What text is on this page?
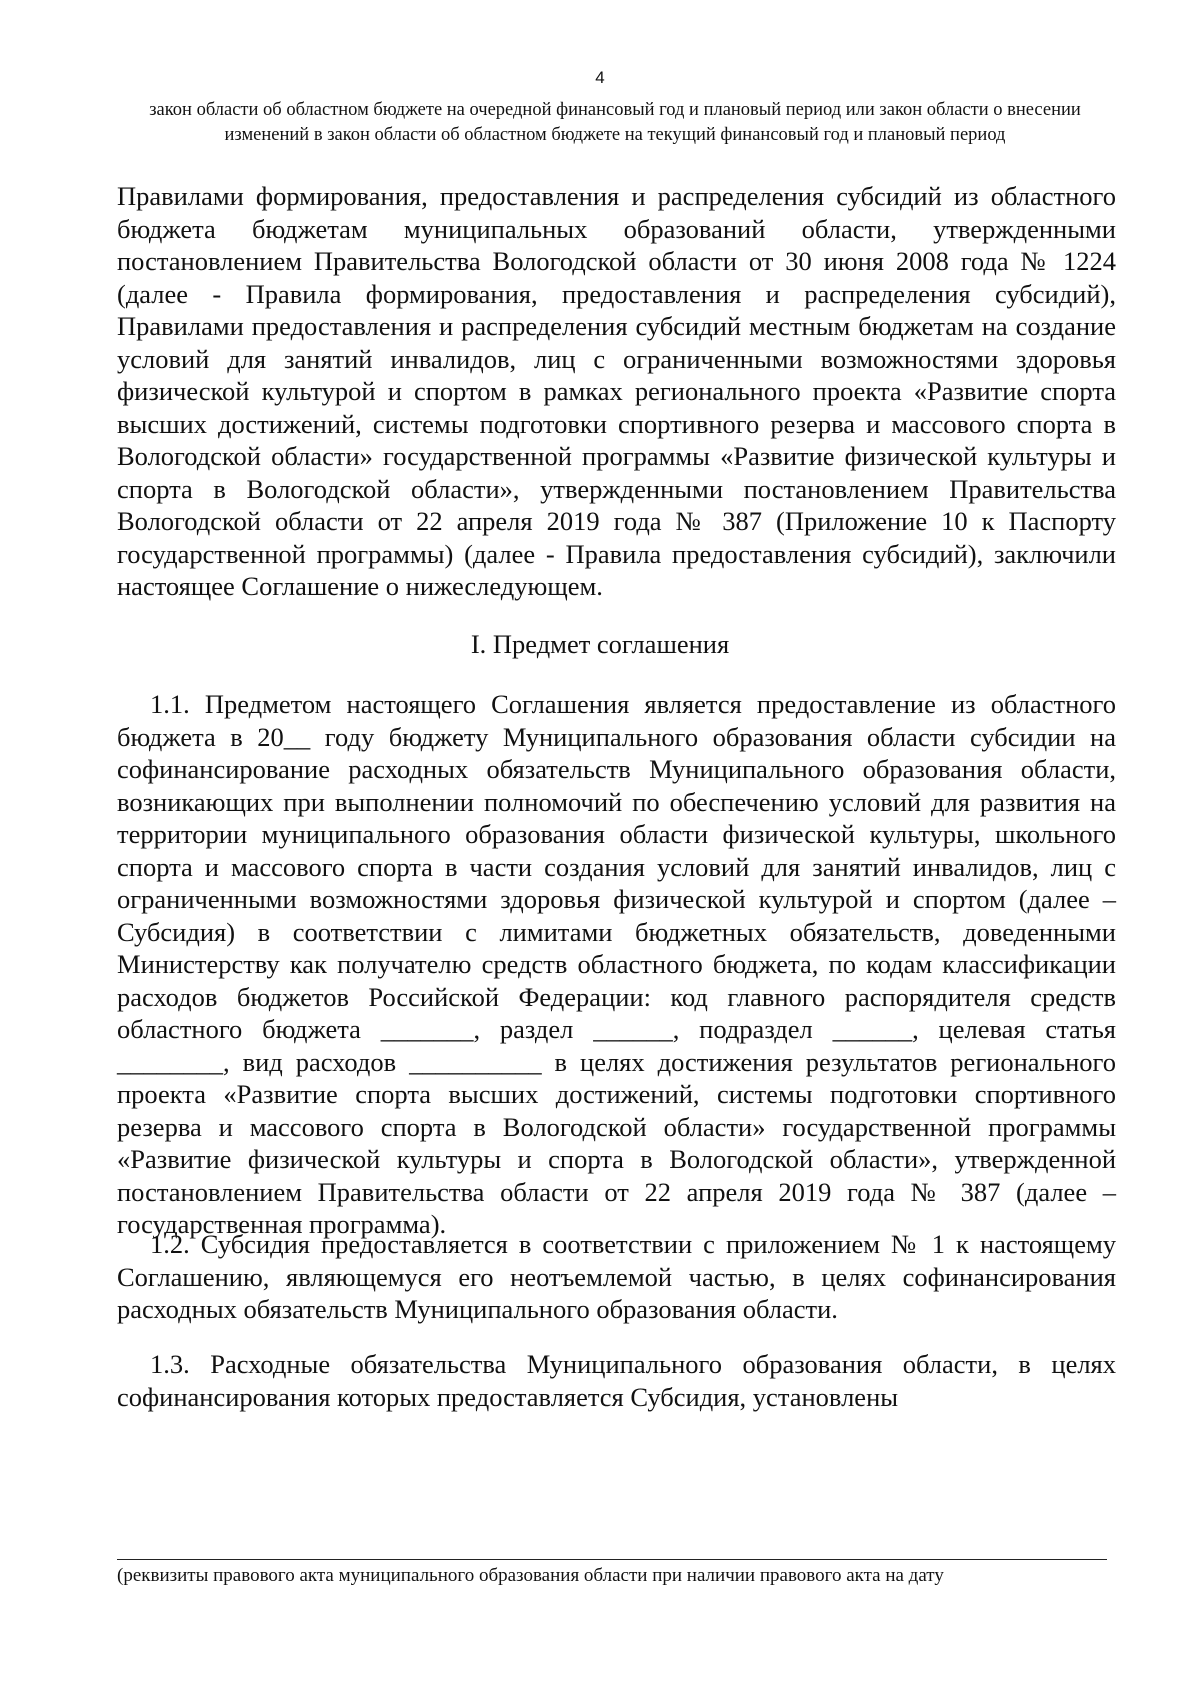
4
закон области об областном бюджете на очередной финансовый год и плановый период или закон области о внесении изменений в закон области об областном бюджете на текущий финансовый год и плановый период
Правилами формирования, предоставления и распределения субсидий из областного бюджета бюджетам муниципальных образований области, утвержденными постановлением Правительства Вологодской области от 30 июня 2008 года № 1224 (далее - Правила формирования, предоставления и распределения субсидий), Правилами предоставления и распределения субсидий местным бюджетам на создание условий для занятий инвалидов, лиц с ограниченными возможностями здоровья физической культурой и спортом в рамках регионального проекта «Развитие спорта высших достижений, системы подготовки спортивного резерва и массового спорта в Вологодской области» государственной программы «Развитие физической культуры и спорта в Вологодской области», утвержденными постановлением Правительства Вологодской области от 22 апреля 2019 года № 387 (Приложение 10 к Паспорту государственной программы) (далее - Правила предоставления субсидий), заключили настоящее Соглашение о нижеследующем.
I. Предмет соглашения
1.1. Предметом настоящего Соглашения является предоставление из областного бюджета в 20__ году бюджету Муниципального образования области субсидии на софинансирование расходных обязательств Муниципального образования области, возникающих при выполнении полномочий по обеспечению условий для развития на территории муниципального образования области физической культуры, школьного спорта и массового спорта в части создания условий для занятий инвалидов, лиц с ограниченными возможностями здоровья физической культурой и спортом (далее – Субсидия) в соответствии с лимитами бюджетных обязательств, доведенными Министерству как получателю средств областного бюджета, по кодам классификации расходов бюджетов Российской Федерации: код главного распорядителя средств областного бюджета _______, раздел ______, подраздел ______, целевая статья ________, вид расходов __________ в целях достижения результатов регионального проекта «Развитие спорта высших достижений, системы подготовки спортивного резерва и массового спорта в Вологодской области» государственной программы «Развитие физической культуры и спорта в Вологодской области», утвержденной постановлением Правительства области от 22 апреля 2019 года № 387 (далее – государственная программа).
1.2. Субсидия предоставляется в соответствии с приложением № 1 к настоящему Соглашению, являющемуся его неотъемлемой частью, в целях софинансирования расходных обязательств Муниципального образования области.
1.3. Расходные обязательства Муниципального образования области, в целях софинансирования которых предоставляется Субсидия, установлены
(реквизиты правового акта муниципального образования области при наличии правового акта на дату
